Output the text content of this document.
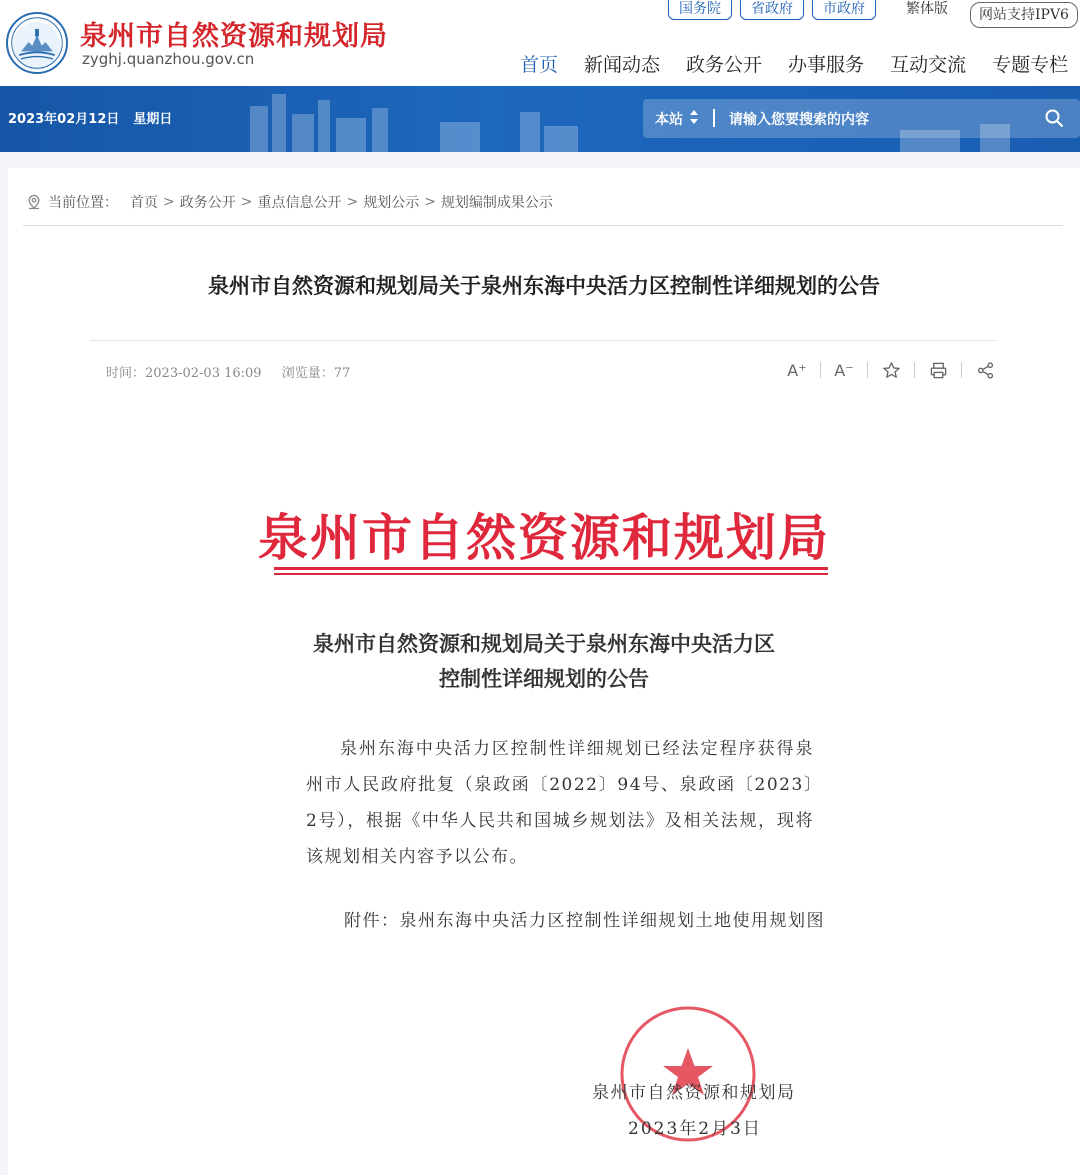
泉州市自然资源和规划局
zyghj.quanzhou.gov.cn
国务院	省政府	市政府	繁体版	网站支持IPV6
首页 新闻动态 政务公开 办事服务 互动交流 专题专栏
2023年02月12日 星期日	本站	请输入您要搜索的内容
当前位置： 首页 > 政务公开 > 重点信息公开 > 规划公示 > 规划编制成果公示
泉州市自然资源和规划局关于泉州东海中央活力区控制性详细规划的公告
时间：2023-02-03 16:09 浏览量：77	A⁺ A⁻
泉州市自然资源和规划局
泉州市自然资源和规划局关于泉州东海中央活力区
控制性详细规划的公告

泉州东海中央活力区控制性详细规划已经法定程序获得泉州市人民政府批复（泉政函〔2022〕94号、泉政函〔2023〕2号），根据《中华人民共和国城乡规划法》及相关法规，现将该规划相关内容予以公布。

附件：泉州东海中央活力区控制性详细规划土地使用规划图
泉州市自然资源和规划局
2023年2月3日
